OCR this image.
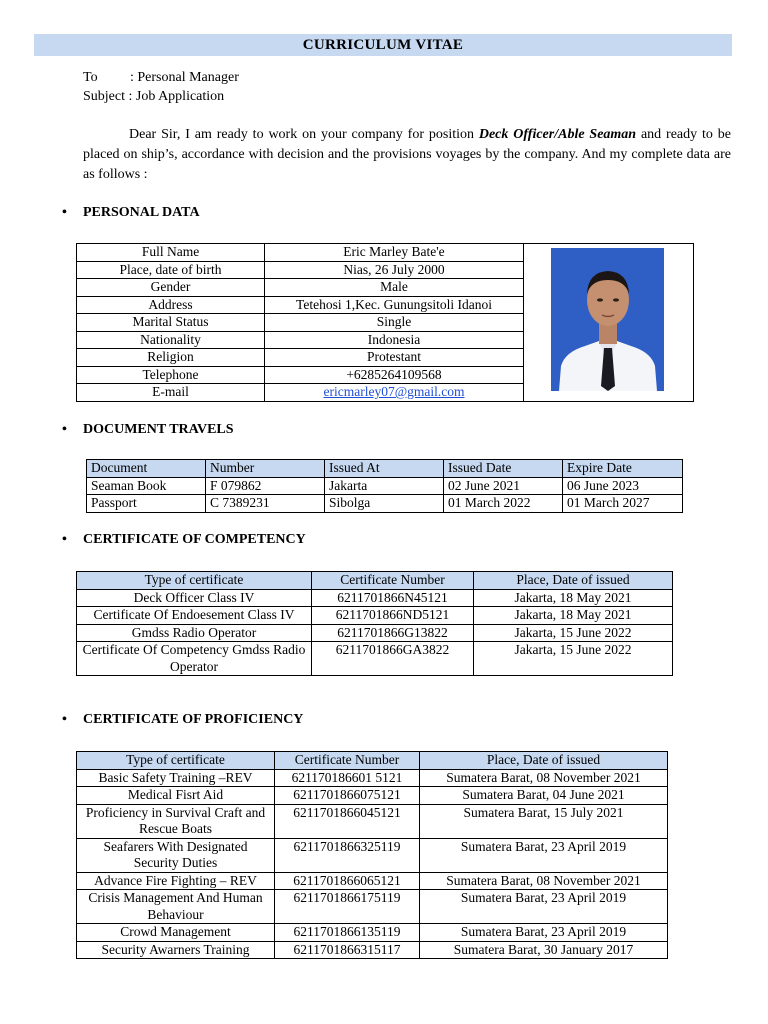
CURRICULUM VITAE
To : Personal Manager
Subject : Job Application
Dear Sir, I am ready to work on your company for position Deck Officer/Able Seaman and ready to be placed on ship’s, accordance with decision and the provisions voyages by the company. And my complete data are as follows :
• PERSONAL DATA
Full Name	Eric Marley Bate'e	
Place, date of birth	Nias, 26 July 2000	
Gender	Male	
Address	Tetehosi 1,Kec. Gunungsitoli Idanoi	
Marital Status	Single	
Nationality	Indonesia	
Religion	Protestant	
Telephone	+6285264109568	
E-mail	ericmarley07@gmail.com	
• DOCUMENT TRAVELS
Document	Number	Issued At	Issued Date	Expire Date
Seaman Book	F 079862	Jakarta	02 June 2021	06 June 2023
Passport	C 7389231	Sibolga	01 March 2022	01 March 2027
• CERTIFICATE OF COMPETENCY
Type of certificate	Certificate Number	Place, Date of issued
Deck Officer Class IV	6211701866N45121	Jakarta, 18 May 2021
Certificate Of Endoesement Class IV	6211701866ND5121	Jakarta, 18 May 2021
Gmdss Radio Operator	6211701866G13822	Jakarta, 15 June 2022
Certificate Of Competency Gmdss Radio Operator	6211701866GA3822	Jakarta, 15 June 2022
• CERTIFICATE OF PROFICIENCY
Type of certificate	Certificate Number	Place, Date of issued
Basic Safety Training –REV	621170186601 5121	Sumatera Barat, 08 November 2021
Medical Fisrt Aid	6211701866075121	Sumatera Barat, 04 June 2021
Proficiency in Survival Craft and Rescue Boats	6211701866045121	Sumatera Barat, 15 July 2021
Seafarers With Designated Security Duties	6211701866325119	Sumatera Barat, 23 April 2019
Advance Fire Fighting – REV	6211701866065121	Sumatera Barat, 08 November 2021
Crisis Management And Human Behaviour	6211701866175119	Sumatera Barat, 23 April 2019
Crowd Management	6211701866135119	Sumatera Barat, 23 April 2019
Security Awarners Training	6211701866315117	Sumatera Barat, 30 January 2017
